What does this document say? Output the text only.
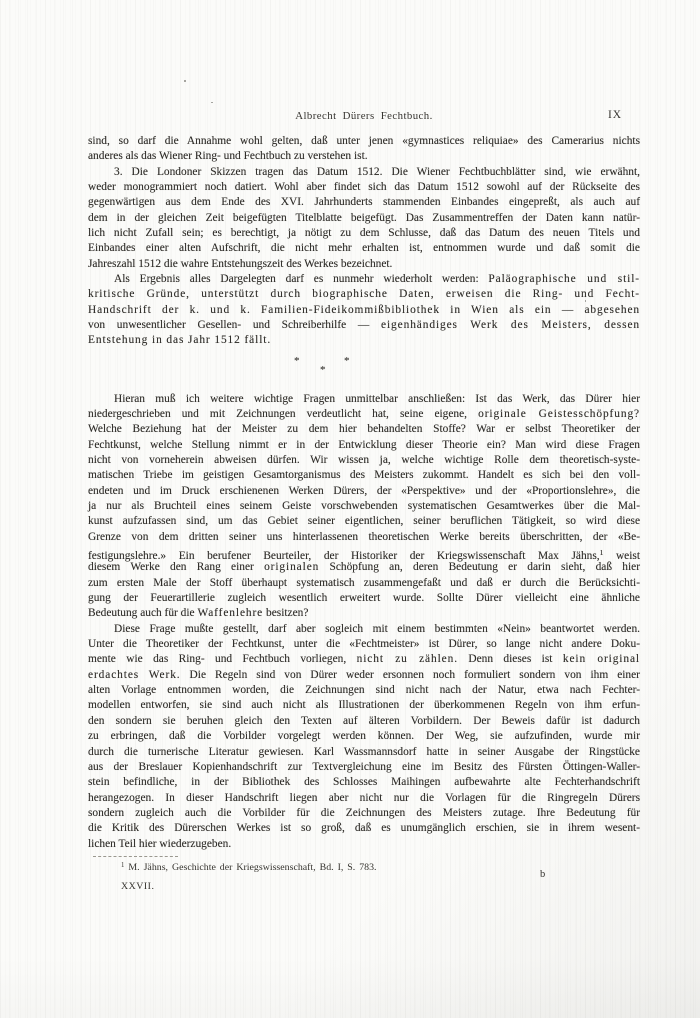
Albrecht Dürers Fechtbuch.	IX
sind, so darf die Annahme wohl gelten, daß unter jenen «gymnastices reliquiae» des Camerarius nichts
anderes als das Wiener Ring- und Fechtbuch zu verstehen ist.
3. Die Londoner Skizzen tragen das Datum 1512. Die Wiener Fechtbuchblätter sind, wie erwähnt,
weder monogrammiert noch datiert. Wohl aber findet sich das Datum 1512 sowohl auf der Rückseite des
gegenwärtigen aus dem Ende des XVI. Jahrhunderts stammenden Einbandes eingepreßt, als auch auf
dem in der gleichen Zeit beigefügten Titelblatte beigefügt. Das Zusammentreffen der Daten kann natür-
lich nicht Zufall sein; es berechtigt, ja nötigt zu dem Schlusse, daß das Datum des neuen Titels und
Einbandes einer alten Aufschrift, die nicht mehr erhalten ist, entnommen wurde und daß somit die
Jahreszahl 1512 die wahre Entstehungszeit des Werkes bezeichnet.
Als Ergebnis alles Dargelegten darf es nunmehr wiederholt werden: Paläographische und stil-
kritische Gründe, unterstützt durch biographische Daten, erweisen die Ring- und Fecht-
Handschrift der k. und k. Familien-Fideikommißbibliothek in Wien als ein — abgesehen
von unwesentlicher Gesellen- und Schreiberhilfe — eigenhändiges Werk des Meisters, dessen
Entstehung in das Jahr 1512 fällt.
*
*
*
Hieran muß ich weitere wichtige Fragen unmittelbar anschließen: Ist das Werk, das Dürer hier
niedergeschrieben und mit Zeichnungen verdeutlicht hat, seine eigene, originale Geistesschöpfung?
Welche Beziehung hat der Meister zu dem hier behandelten Stoffe? War er selbst Theoretiker der
Fechtkunst, welche Stellung nimmt er in der Entwicklung dieser Theorie ein? Man wird diese Fragen
nicht von vorneherein abweisen dürfen. Wir wissen ja, welche wichtige Rolle dem theoretisch-syste-
matischen Triebe im geistigen Gesamtorganismus des Meisters zukommt. Handelt es sich bei den voll-
endeten und im Druck erschienenen Werken Dürers, der «Perspektive» und der «Proportionslehre», die
ja nur als Bruchteil eines seinem Geiste vorschwebenden systematischen Gesamtwerkes über die Mal-
kunst aufzufassen sind, um das Gebiet seiner eigentlichen, seiner beruflichen Tätigkeit, so wird diese
Grenze von dem dritten seiner uns hinterlassenen theoretischen Werke bereits überschritten, der «Be-
festigungslehre.» Ein berufener Beurteiler, der Historiker der Kriegswissenschaft Max Jähns,$^1$ weist
diesem Werke den Rang einer originalen Schöpfung an, deren Bedeutung er darin sieht, daß hier
zum ersten Male der Stoff überhaupt systematisch zusammengefaßt und daß er durch die Berücksichti-
gung der Feuerartillerie zugleich wesentlich erweitert wurde. Sollte Dürer vielleicht eine ähnliche
Bedeutung auch für die Waffenlehre besitzen?
Diese Frage mußte gestellt, darf aber sogleich mit einem bestimmten «Nein» beantwortet werden.
Unter die Theoretiker der Fechtkunst, unter die «Fechtmeister» ist Dürer, so lange nicht andere Doku-
mente wie das Ring- und Fechtbuch vorliegen, nicht zu zählen. Denn dieses ist kein original
erdachtes Werk. Die Regeln sind von Dürer weder ersonnen noch formuliert sondern von ihm einer
alten Vorlage entnommen worden, die Zeichnungen sind nicht nach der Natur, etwa nach Fechter-
modellen entworfen, sie sind auch nicht als Illustrationen der überkommenen Regeln von ihm erfun-
den sondern sie beruhen gleich den Texten auf älteren Vorbildern. Der Beweis dafür ist dadurch
zu erbringen, daß die Vorbilder vorgelegt werden können. Der Weg, sie aufzufinden, wurde mir
durch die turnerische Literatur gewiesen. Karl Wassmannsdorf hatte in seiner Ausgabe der Ringstücke
aus der Breslauer Kopienhandschrift zur Textvergleichung eine im Besitz des Fürsten Öttingen-Waller-
stein befindliche, in der Bibliothek des Schlosses Maihingen aufbewahrte alte Fechterhandschrift
herangezogen. In dieser Handschrift liegen aber nicht nur die Vorlagen für die Ringregeln Dürers
sondern zugleich auch die Vorbilder für die Zeichnungen des Meisters zutage. Ihre Bedeutung für
die Kritik des Dürerschen Werkes ist so groß, daß es unumgänglich erschien, sie in ihrem wesent-
lichen Teil hier wiederzugeben.
$^1$ M. Jähns, Geschichte der Kriegswissenschaft, Bd. I, S. 783.
XXVII.
b
